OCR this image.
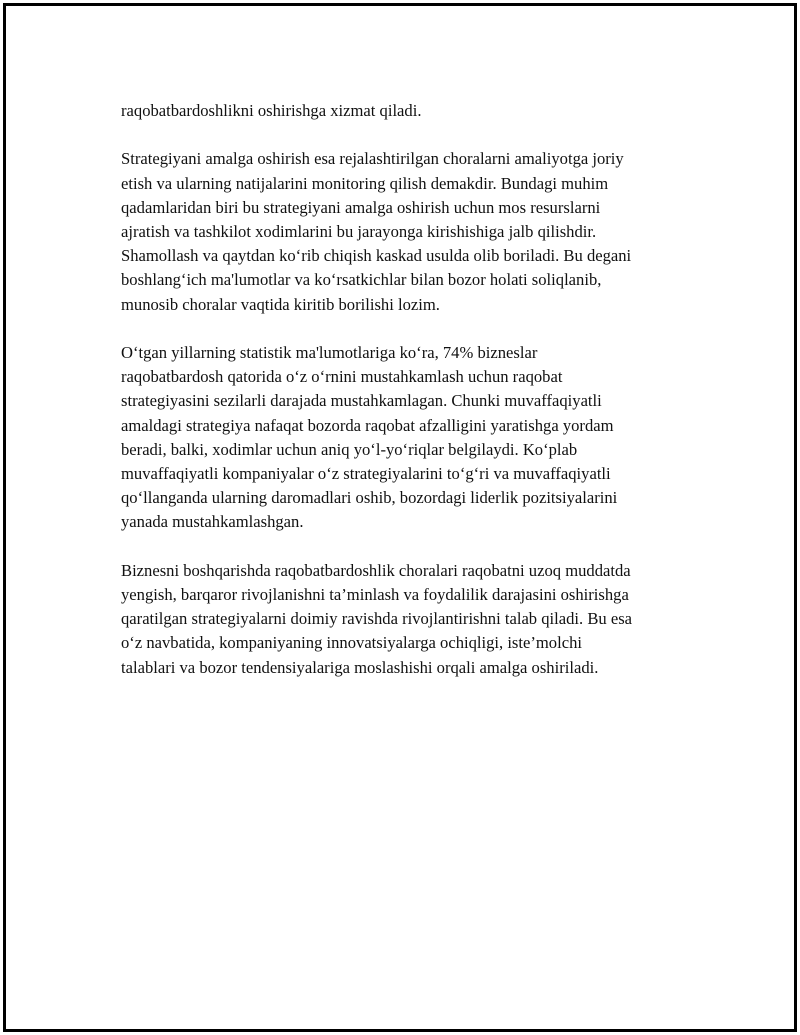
raqobatbardoshlikni oshirishga xizmat qiladi.

Strategiyani amalga oshirish esa rejalashtirilgan choralarni amaliyotga joriy
etish va ularning natijalarini monitoring qilish demakdir. Bundagi muhim
qadamlaridan biri bu strategiyani amalga oshirish uchun mos resurslarni
ajratish va tashkilot xodimlarini bu jarayonga kirishishiga jalb qilishdir.
Shamollash va qaytdan koʻrib chiqish kaskad usulda olib boriladi. Bu degani
boshlangʻich ma'lumotlar va koʻrsatkichlar bilan bozor holati soliqlanib,
munosib choralar vaqtida kiritib borilishi lozim.

Oʻtgan yillarning statistik ma'lumotlariga koʻra, 74% bizneslar
raqobatbardosh qatorida oʻz oʻrnini mustahkamlash uchun raqobat
strategiyasini sezilarli darajada mustahkamlagan. Chunki muvaffaqiyatli
amaldagi strategiya nafaqat bozorda raqobat afzalligini yaratishga yordam
beradi, balki, xodimlar uchun aniq yoʻl-yoʻriqlar belgilaydi. Koʻplab
muvaffaqiyatli kompaniyalar oʻz strategiyalarini toʻgʻri va muvaffaqiyatli
qoʻllanganda ularning daromadlari oshib, bozordagi liderlik pozitsiyalarini
yanada mustahkamlashgan.

Biznesni boshqarishda raqobatbardoshlik choralari raqobatni uzoq muddatda
yengish, barqaror rivojlanishni ta’minlash va foydalilik darajasini oshirishga
qaratilgan strategiyalarni doimiy ravishda rivojlantirishni talab qiladi. Bu esa
oʻz navbatida, kompaniyaning innovatsiyalarga ochiqligi, iste’molchi
talablari va bozor tendensiyalariga moslashishi orqali amalga oshiriladi.
